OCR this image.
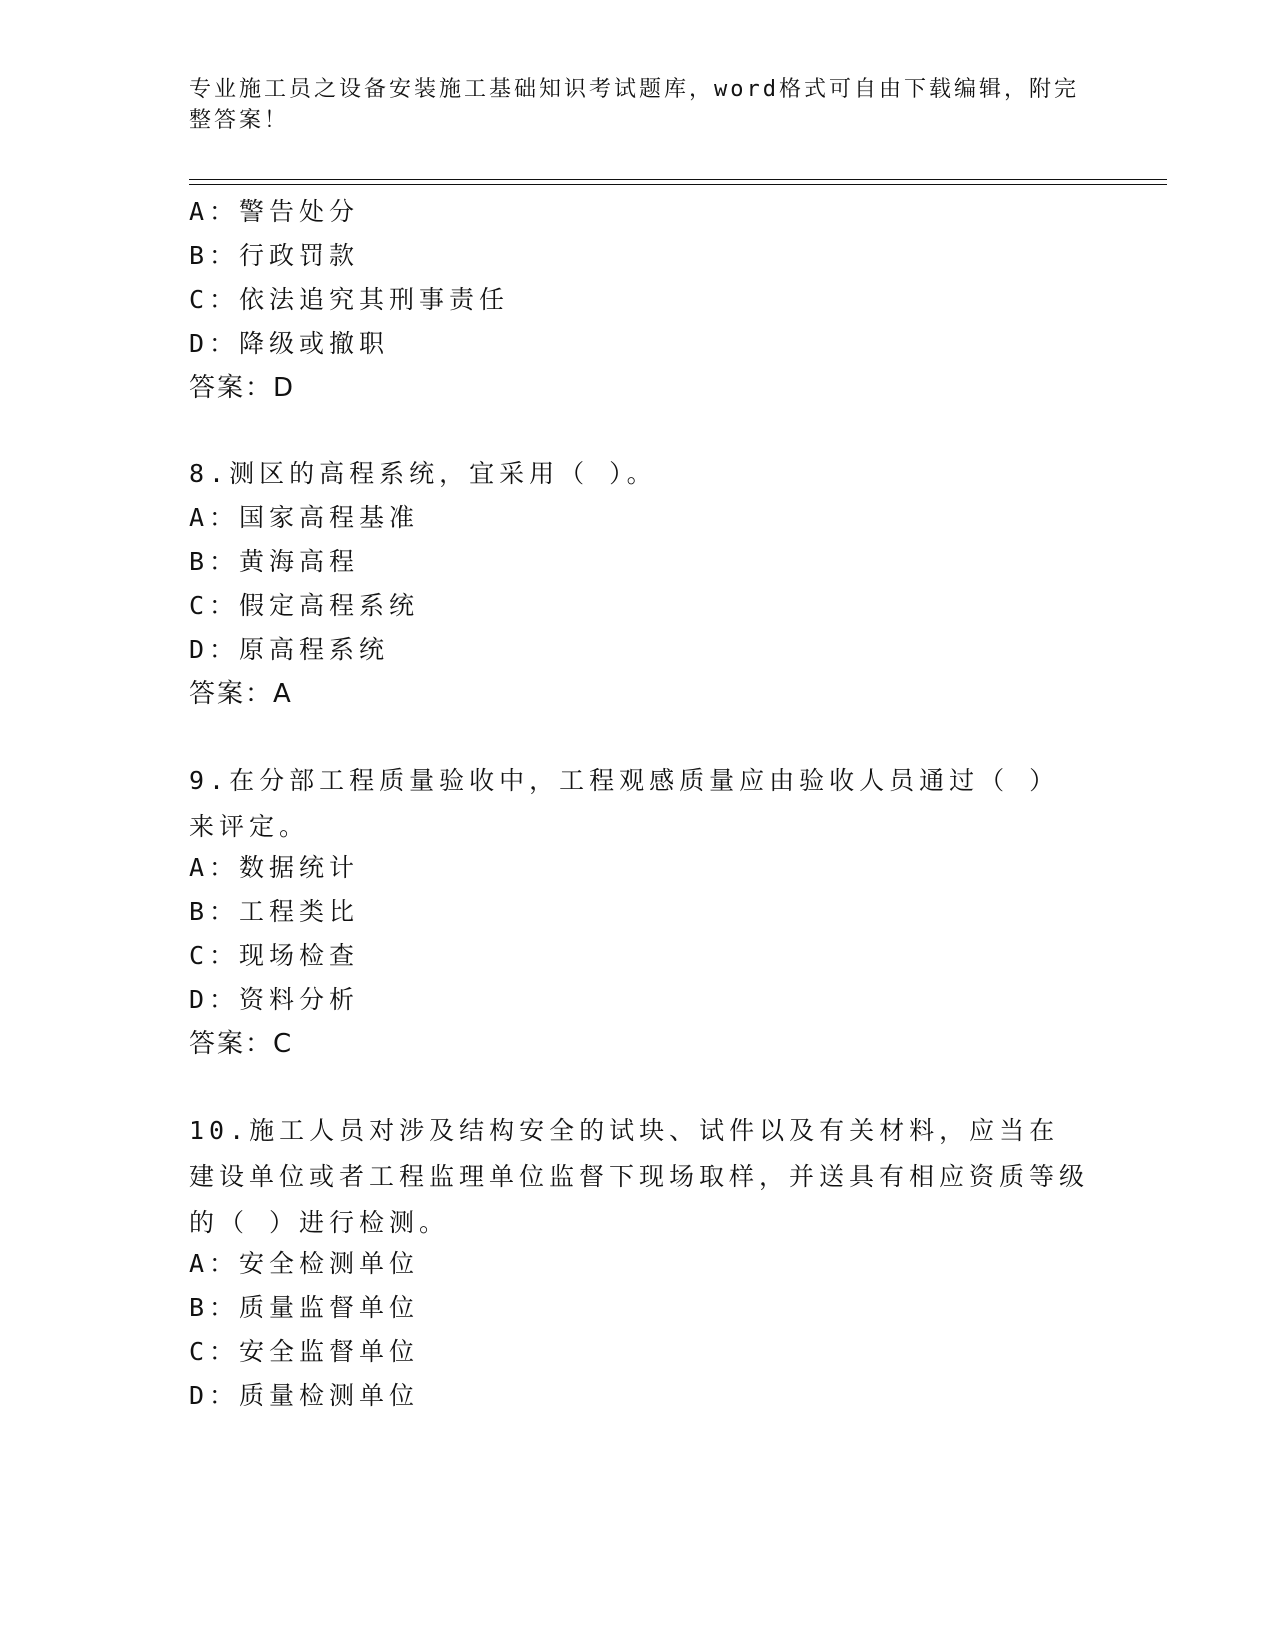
专业施工员之设备安装施工基础知识考试题库，word格式可自由下载编辑，附完整答案！
A：警告处分
B：行政罚款
C：依法追究其刑事责任
D：降级或撤职
答案：D
8.测区的高程系统，宜采用（ ）。
A：国家高程基准
B：黄海高程
C：假定高程系统
D：原高程系统
答案：A
9.在分部工程质量验收中，工程观感质量应由验收人员通过（ ）来评定。
A：数据统计
B：工程类比
C：现场检查
D：资料分析
答案：C
10.施工人员对涉及结构安全的试块、试件以及有关材料，应当在建设单位或者工程监理单位监督下现场取样，并送具有相应资质等级的（ ）进行检测。
A：安全检测单位
B：质量监督单位
C：安全监督单位
D：质量检测单位
